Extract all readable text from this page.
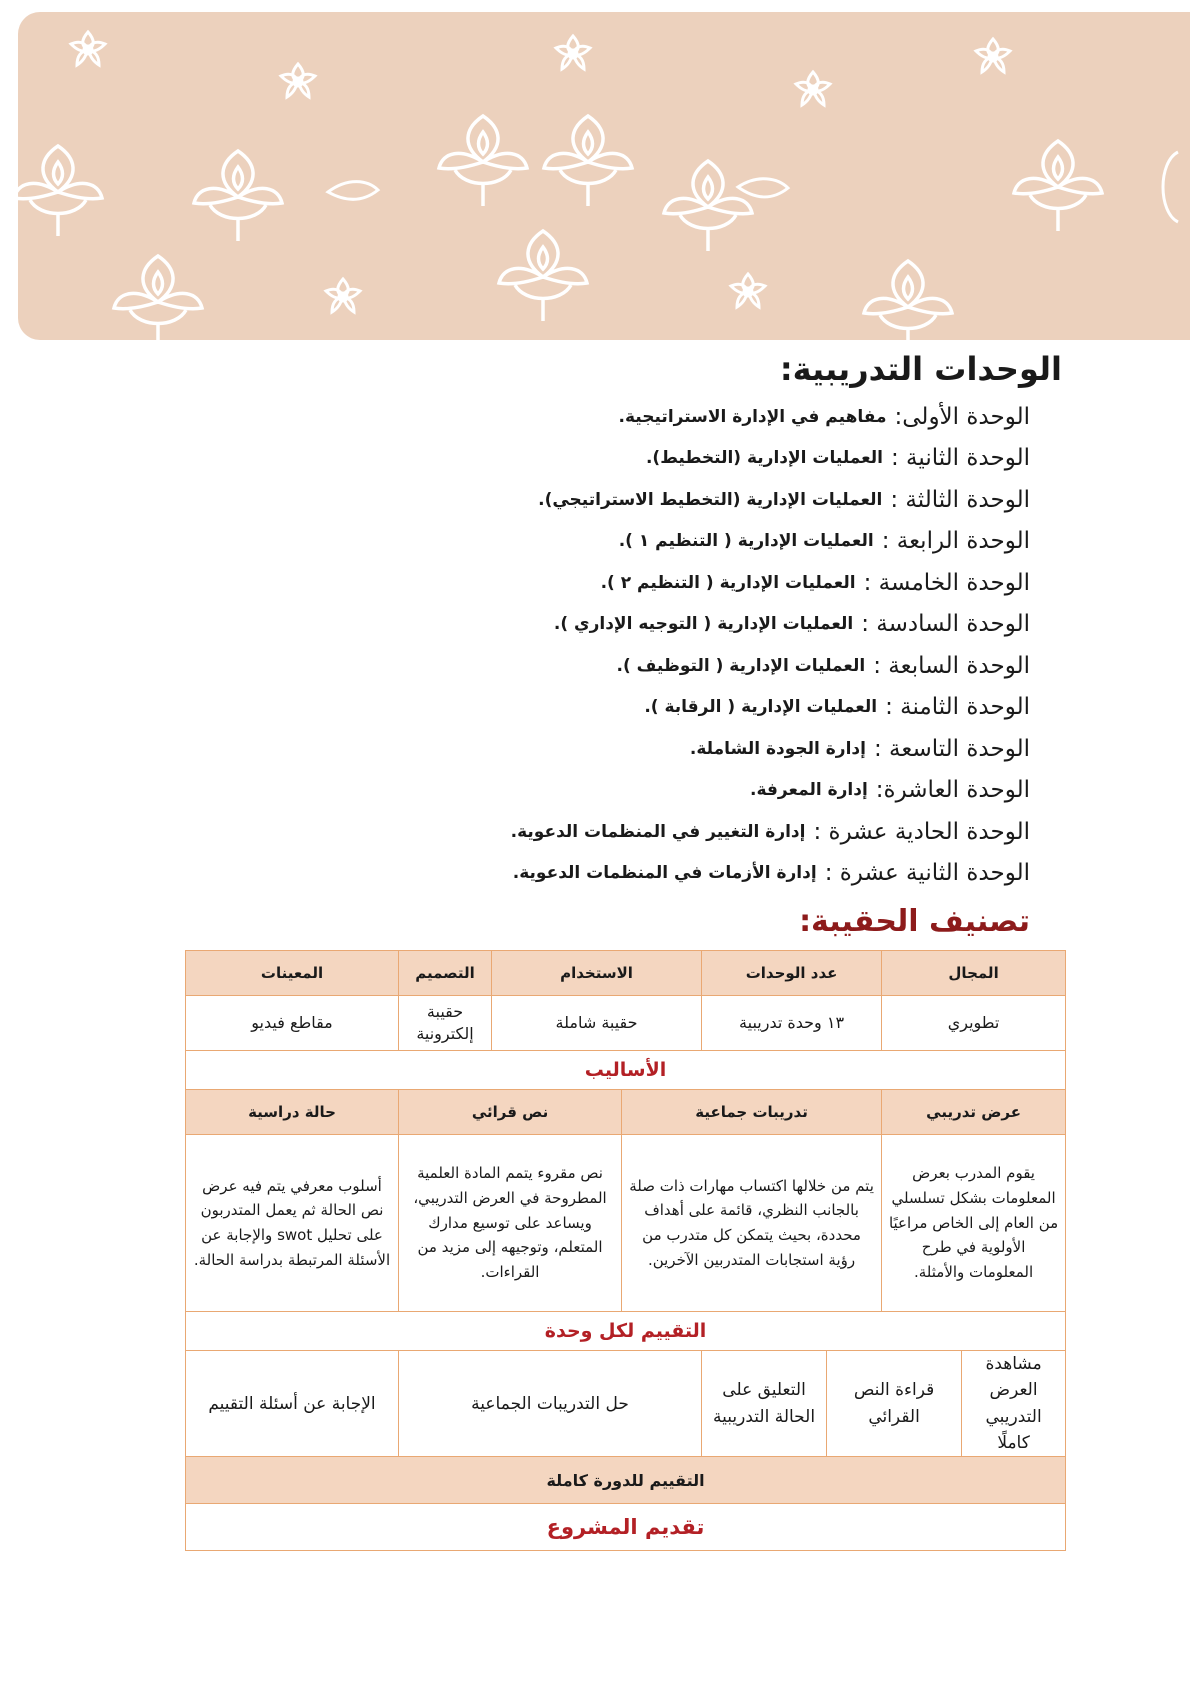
الوحدات التدريبية:
الوحدة الأولى:
مفاهيم في الإدارة الاستراتيجية.
الوحدة الثانية :
العمليات الإدارية (التخطيط).
الوحدة الثالثة :
العمليات الإدارية (التخطيط الاستراتيجي).
الوحدة الرابعة :
العمليات الإدارية ( التنظيم ١ ).
الوحدة الخامسة :
العمليات الإدارية ( التنظيم ٢ ).
الوحدة السادسة :
العمليات الإدارية ( التوجيه الإداري ).
الوحدة السابعة :
العمليات الإدارية ( التوظيف ).
الوحدة الثامنة :
العمليات الإدارية ( الرقابة ).
الوحدة التاسعة :
إدارة الجودة الشاملة.
الوحدة العاشرة:
إدارة المعرفة.
الوحدة الحادية عشرة :
إدارة التغيير في المنظمات الدعوية.
الوحدة الثانية عشرة :
إدارة الأزمات في المنظمات الدعوية.
تصنيف الحقيبة:
المجال		عدد الوحدات		الاستخدام		التصميم	المعينات
تطويري		١٣ وحدة تدريبية		حقيبة شاملة		حقيبة إلكترونية	مقاطع فيديو
الأساليب							
عرض تدريبي		تدريبات جماعية			نص قرائي		حالة دراسية
يقوم المدرب بعرض المعلومات بشكل تسلسلي من العام إلى الخاص مراعيًا الأولوية في طرح المعلومات والأمثلة.		يتم من خلالها اكتساب مهارات ذات صلة بالجانب النظري، قائمة على أهداف محددة، بحيث يتمكن كل متدرب من رؤية استجابات المتدربين الآخرين.			نص مقروء يتمم المادة العلمية المطروحة في العرض التدريبي، ويساعد على توسيع مدارك المتعلم، وتوجيهه إلى مزيد من القراءات.		أسلوب معرفي يتم فيه عرض نص الحالة ثم يعمل المتدربون على تحليل swot والإجابة عن الأسئلة المرتبطة بدراسة الحالة.
التقييم لكل وحدة							
مشاهدة العرض التدريبي كاملًا	قراءة النص القرائي		التعليق على الحالة التدريبية	حل التدريبات الجماعية			الإجابة عن أسئلة التقييم
التقييم للدورة كاملة							
تقديم المشروع							
